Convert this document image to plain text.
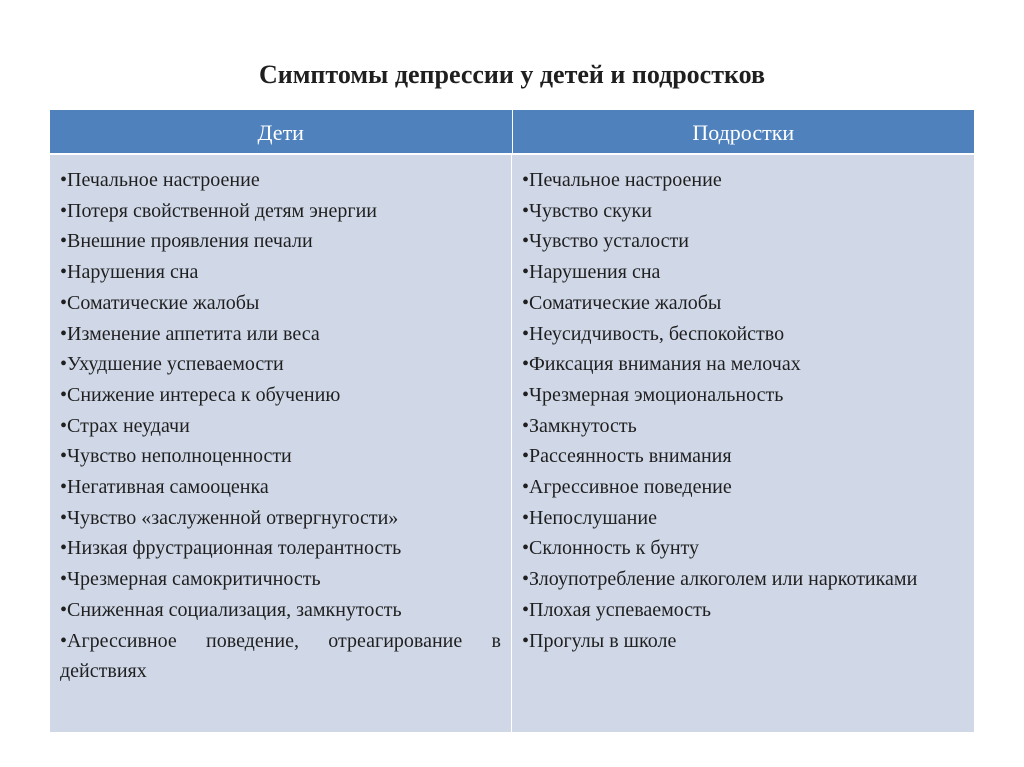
Симптомы депрессии у детей и подростков
Дети	Подростки

•Печальное настроение

•Потеря свойственной детям энергии

•Внешние проявления печали

•Нарушения сна

•Соматические жалобы

•Изменение аппетита или веса

•Ухудшение успеваемости

•Снижение интереса к обучению

•Страх неудачи

•Чувство неполноценности

•Негативная самооценка

•Чувство «заслуженной отвергнугости»

•Низкая фрустрационная толерантность

•Чрезмерная самокритичность

•Сниженная социализация, замкнутость

•Агрессивное поведение, отреагирование в действиях

•Печальное настроение

•Чувство скуки

•Чувство усталости

•Нарушения сна

•Соматические жалобы

•Неусидчивость, беспокойство

•Фиксация внимания на мелочах

•Чрезмерная эмоциональность

•Замкнутость

•Рассеянность внимания

•Агрессивное поведение

•Непослушание

•Склонность к бунту

•Злоупотребление алкоголем или наркотиками

•Плохая успеваемость

•Прогулы в школе
